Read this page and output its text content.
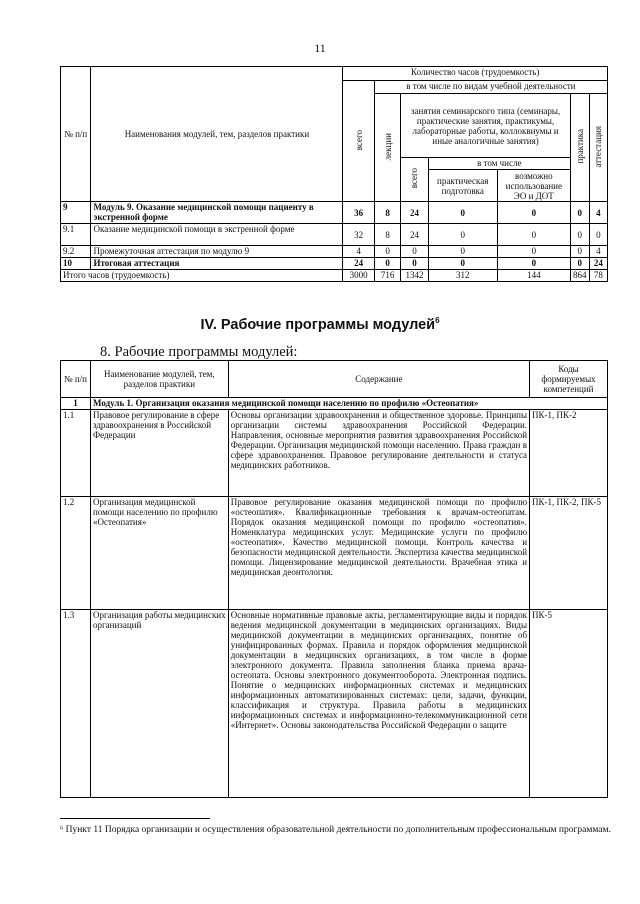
11
№ п/п	Наименования модулей, тем, разделов практики	Количество часов (трудоемкость)						
		всего	в том числе по видам учебной деятельности					
			лекции	занятия семинарского типа (семинары, практические занятия, практикумы, лабораторные работы, коллоквиумы и иные аналогичные занятия)			практика	аттестация
				всего	в том числе			
					практическая подготовка	возможно использование ЭО и ДОТ		
9	Модуль 9. Оказание медицинской помощи пациенту в экстренной форме	36	8	24	0	0	0	4
9.1	Оказание медицинской помощи в экстренной форме	32	8	24	0	0	0	0
9.2	Промежуточная аттестация по модулю 9	4	0	0	0	0	0	4
10	Итоговая аттестация	24	0	0	0	0	0	24
Итого часов (трудоемкость)		3000	716	1342	312	144	864	78
IV. Рабочие программы модулей$^6$
8. Рабочие программы модулей:
№ п/п	Наименование модулей, тем, разделов практики	Содержание	Коды формируемых компетенций
1	Модуль 1. Организация оказания медицинской помощи населению по профилю «Остеопатия»		
1.1	Правовое регулирование в сфере здравоохранения в Российской Федерации	Основы организации здравоохранения и общественное здоровье. Принципы организации системы здравоохранения Российской Федерации. Направления, основные мероприятия развития здравоохранения Российской Федерации. Организация медицинской помощи населению. Права граждан в сфере здравоохранения. Правовое регулирование деятельности и статуса медицинских работников.	ПК-1, ПК-2
1.2	Организация медицинской помощи населению по профилю «Остеопатия»	Правовое регулирование оказания медицинской помощи по профилю «остеопатия». Квалификационные требования к врачам-остеопатам. Порядок оказания медицинской помощи по профилю «остеопатия». Номенклатура медицинских услуг. Медицинские услуги по профилю «остеопатия». Качество медицинской помощи. Контроль качества и безопасности медицинской деятельности. Экспертиза качества медицинской помощи. Лицензирование медицинской деятельности. Врачебная этика и медицинская деонтология.	ПК-1, ПК-2, ПК-5
1.3	Организация работы медицинских организаций	Основные нормативные правовые акты, регламентирующие виды и порядок ведения медицинской документации в медицинских организациях. Виды медицинской документации в медицинских организациях, понятие об унифицированных формах. Правила и порядок оформления медицинской документации в медицинских организациях, в том числе в форме электронного документа. Правила заполнения бланка приема врача-остеопата. Основы электронного документооборота. Электронная подпись. Понятие о медицинских информационных системах и медицинских информационных автоматизированных системах: цели, задачи, функции, классификация и структура. Правила работы в медицинских информационных системах и информационно-телекоммуникационной сети «Интернет». Основы законодательства Российской Федерации о защите	ПК-5
⁶ Пункт 11 Порядка организации и осуществления образовательной деятельности по дополнительным профессиональным программам.
